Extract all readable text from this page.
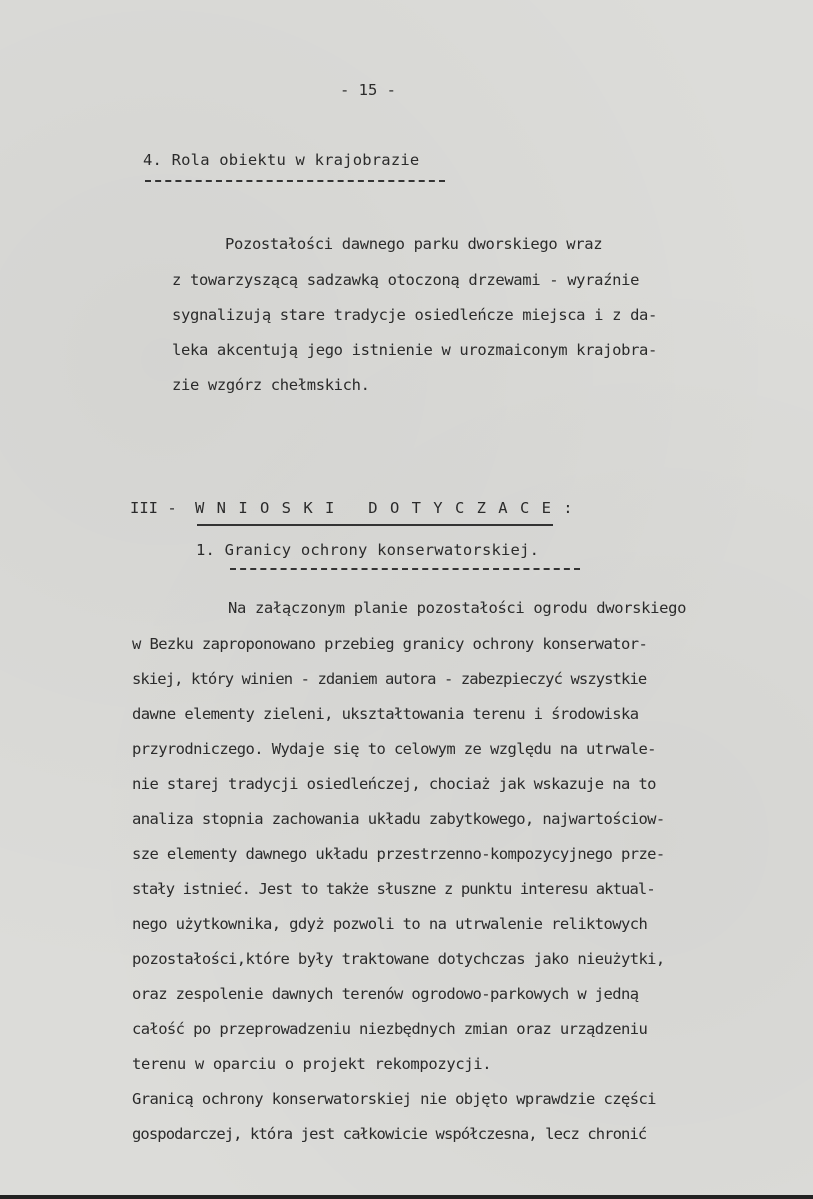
- 15 -
4. Rola obiektu w krajobrazie
Pozostałości dawnego parku dworskiego wraz
z towarzyszącą sadzawką otoczoną drzewami - wyraźnie
sygnalizują stare tradycje osiedleńcze miejsca i z da-
leka akcentują jego istnienie w urozmaiconym krajobra-
zie wzgórz chełmskich.
III - W N I O S K I   D O T Y C Z A C E :
1. Granicy ochrony konserwatorskiej.
Na załączonym planie pozostałości ogrodu dworskiego
w Bezku zaproponowano przebieg granicy ochrony konserwator-
skiej, który winien - zdaniem autora - zabezpieczyć wszystkie
dawne elementy zieleni, ukształtowania terenu i środowiska
przyrodniczego. Wydaje się to celowym ze względu na utrwale-
nie starej tradycji osiedleńczej, chociaż jak wskazuje na to
analiza stopnia zachowania układu zabytkowego, najwartościow-
sze elementy dawnego układu przestrzenno-kompozycyjnego prze-
stały istnieć. Jest to także słuszne z punktu interesu aktual-
nego użytkownika, gdyż pozwoli to na utrwalenie reliktowych
pozostałości,które były traktowane dotychczas jako nieużytki,
oraz zespolenie dawnych terenów ogrodowo-parkowych w jedną
całość po przeprowadzeniu niezbędnych zmian oraz urządzeniu
terenu w oparciu o projekt rekompozycji.
Granicą ochrony konserwatorskiej nie objęto wprawdzie części
gospodarczej, która jest całkowicie współczesna, lecz chronić
